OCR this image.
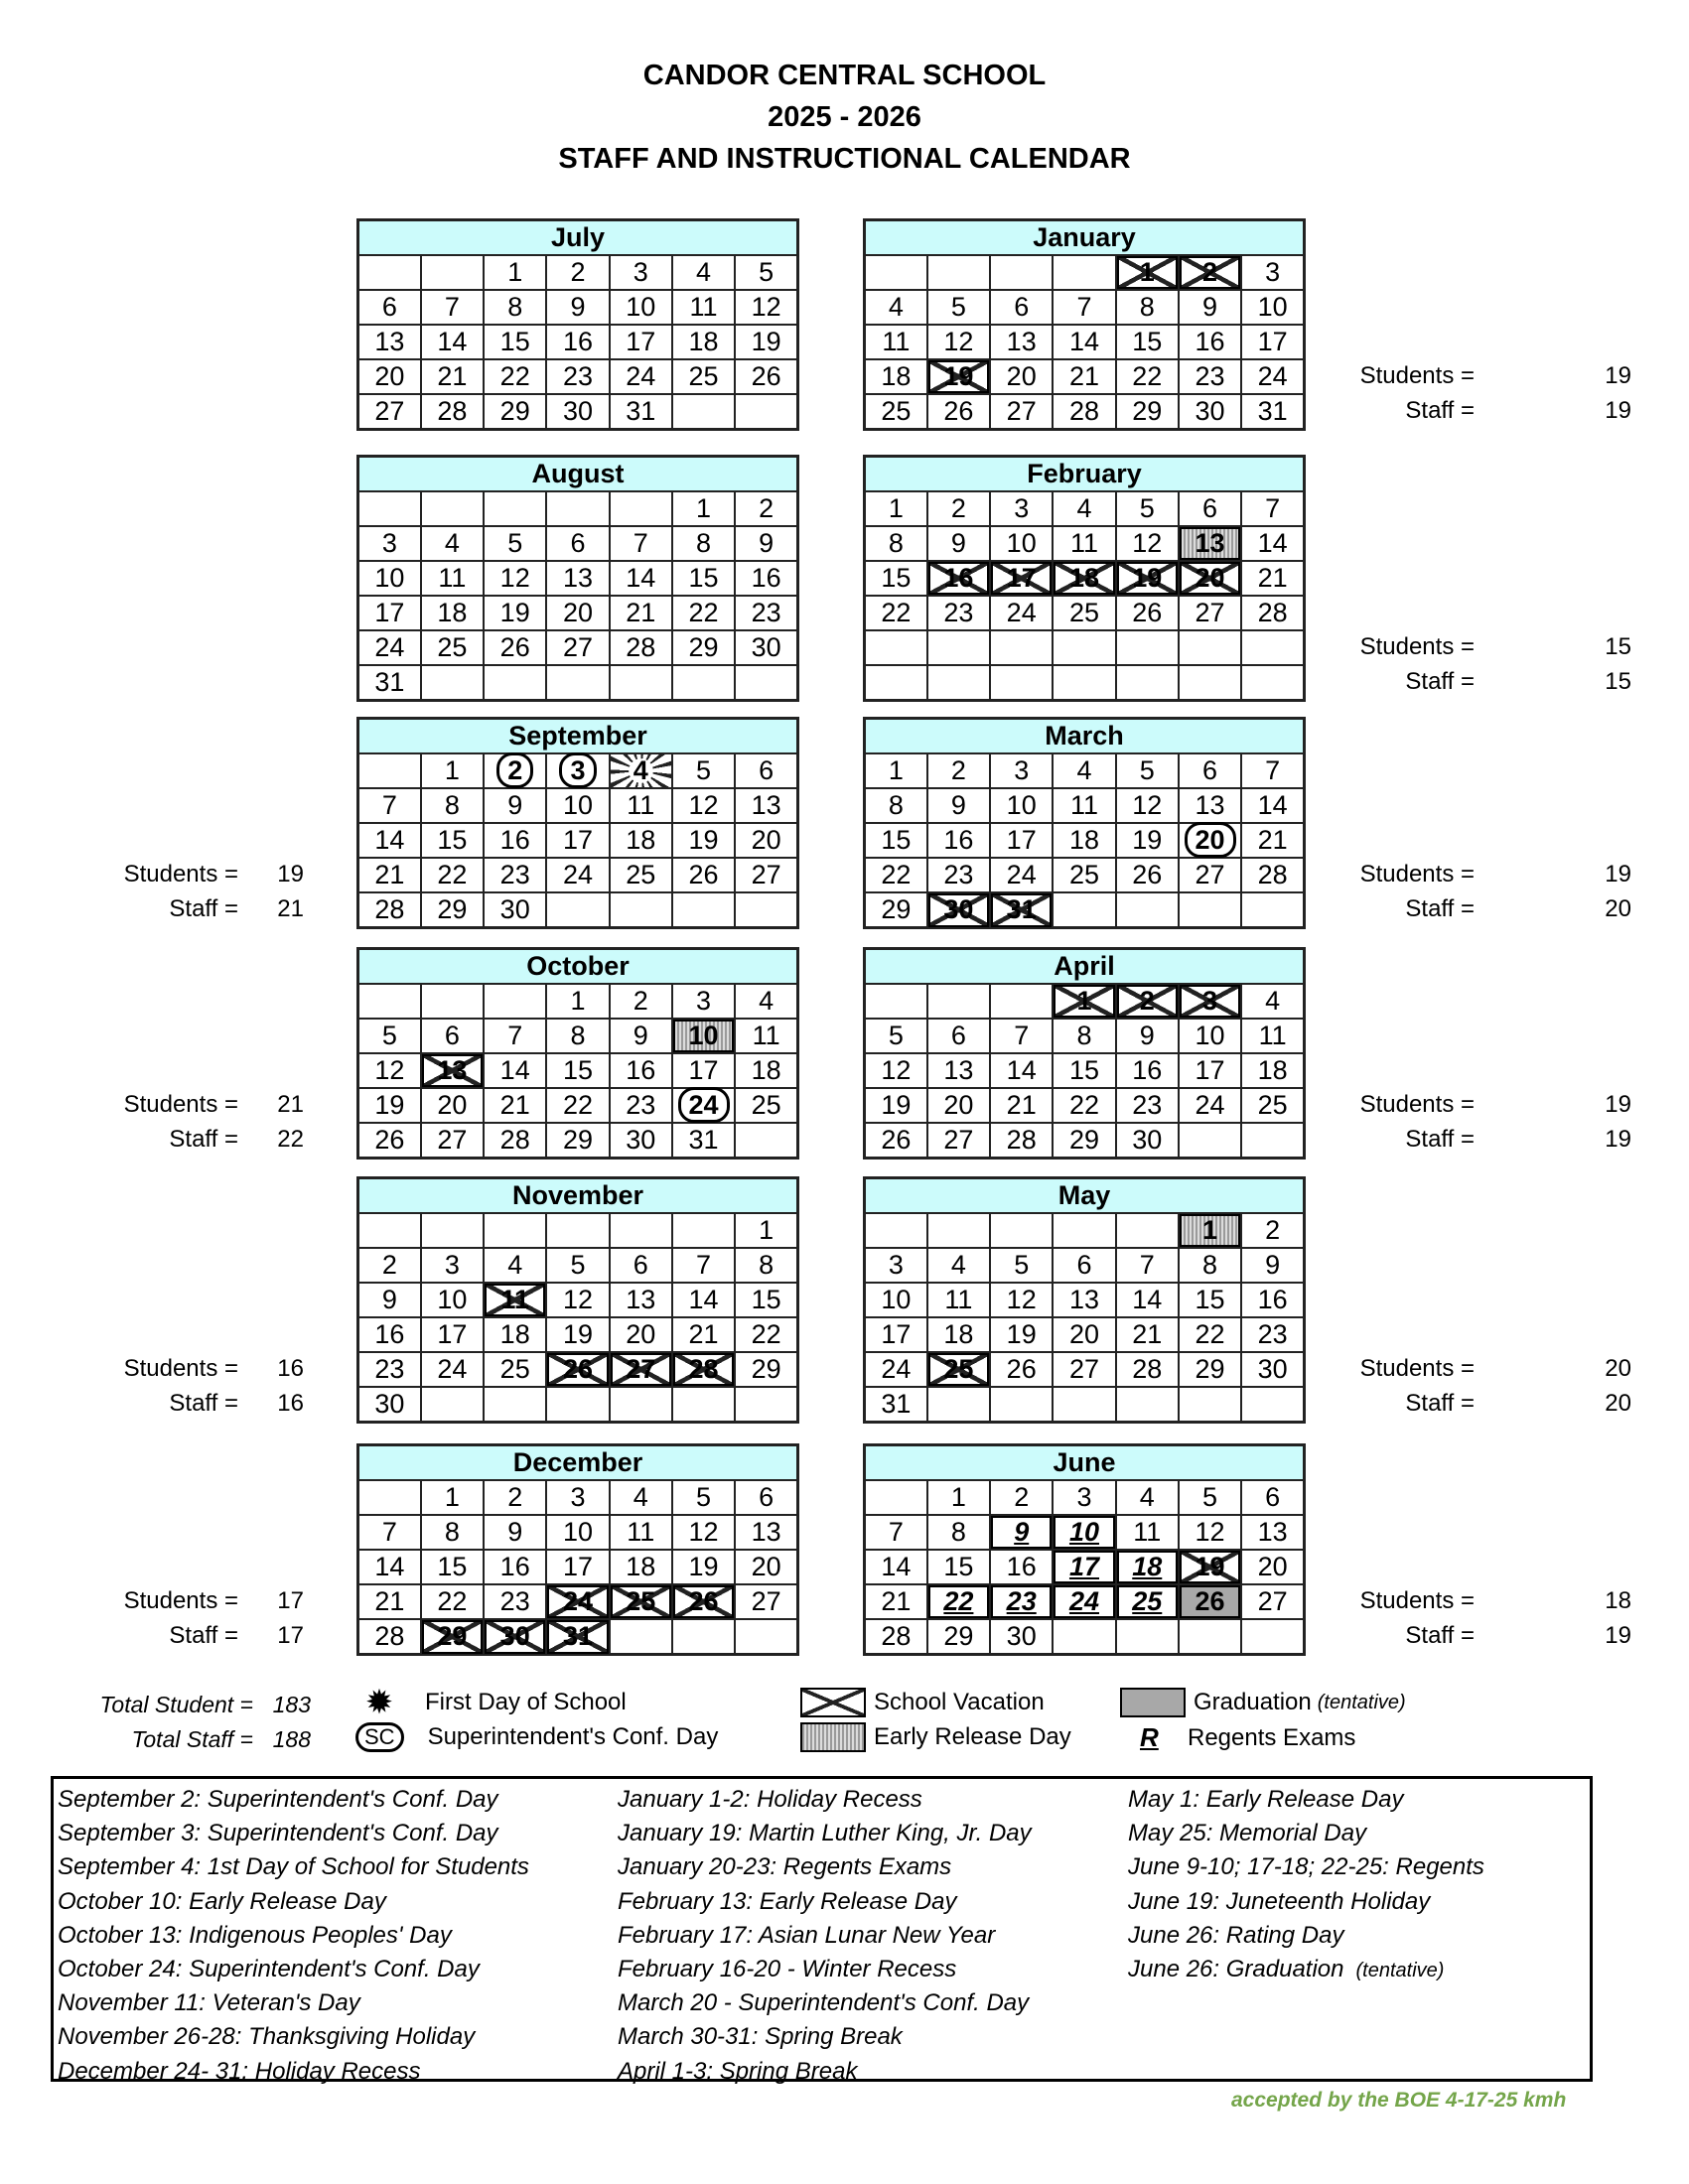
CANDOR CENTRAL SCHOOL
2025 - 2026
STAFF AND INSTRUCTIONAL CALENDAR
July						
		1	2	3	4	5
6	7	8	9	10	11	12
13	14	15	16	17	18	19
20	21	22	23	24	25	26
27	28	29	30	31		
August						
					1	2
3	4	5	6	7	8	9
10	11	12	13	14	15	16
17	18	19	20	21	22	23
24	25	26	27	28	29	30
31						
September						
	1	2	3	4	5	6
7	8	9	10	11	12	13
14	15	16	17	18	19	20
21	22	23	24	25	26	27
28	29	30				
October						
			1	2	3	4
5	6	7	8	9	10	11
12	13	14	15	16	17	18
19	20	21	22	23	24	25
26	27	28	29	30	31	
November						
						1
2	3	4	5	6	7	8
9	10	11	12	13	14	15
16	17	18	19	20	21	22
23	24	25	26	27	28	29
30						
December						
	1	2	3	4	5	6
7	8	9	10	11	12	13
14	15	16	17	18	19	20
21	22	23	24	25	26	27
28	29	30	31			
January						
				1	2	3
4	5	6	7	8	9	10
11	12	13	14	15	16	17
18	19	20	21	22	23	24
25	26	27	28	29	30	31
February						
1	2	3	4	5	6	7
8	9	10	11	12	13	14
15	16	17	18	19	20	21
22	23	24	25	26	27	28

March						
1	2	3	4	5	6	7
8	9	10	11	12	13	14
15	16	17	18	19	20	21
22	23	24	25	26	27	28
29	30	31				
April						
			1	2	3	4
5	6	7	8	9	10	11
12	13	14	15	16	17	18
19	20	21	22	23	24	25
26	27	28	29	30		
May						
					1	2
3	4	5	6	7	8	9
10	11	12	13	14	15	16
17	18	19	20	21	22	23
24	25	26	27	28	29	30
31						
June						
	1	2	3	4	5	6
7	8	9	10	11	12	13
14	15	16	17	18	19	20
21	22	23	24	25	26	27
28	29	30				
Students = 19
Staff = 21
Students = 21
Staff = 22
Students = 16
Staff = 16
Students = 17
Staff = 17
Students =	19
Staff =	19
Students =	15
Staff =	15
Students =	19
Staff =	20
Students =	19
Staff =	19
Students =	20
Staff =	20
Students =	18
Staff =	19
Total Student = 183
Total Staff = 188
✹	First Day of School
SC	Superintendent's Conf. Day
School Vacation
Early Release Day
Graduation (tentative)
R	Regents Exams
September 2: Superintendent's Conf. Day
September 3: Superintendent's Conf. Day
September 4: 1st Day of School for Students
October 10: Early Release Day
October 13: Indigenous Peoples' Day
October 24: Superintendent's Conf. Day
November 11: Veteran's Day
November 26-28: Thanksgiving Holiday
December 24- 31: Holiday Recess
January 1-2: Holiday Recess
January 19: Martin Luther King, Jr. Day
January 20-23: Regents Exams
February 13: Early Release Day
February 17: Asian Lunar New Year
February 16-20 - Winter Recess
March 20 - Superintendent's Conf. Day
March 30-31: Spring Break
April 1-3: Spring Break
May 1: Early Release Day
May 25: Memorial Day
June 9-10; 17-18; 22-25: Regents
June 19: Juneteenth Holiday
June 26: Rating Day
June 26: Graduation (tentative)
accepted by the BOE 4-17-25 kmh
